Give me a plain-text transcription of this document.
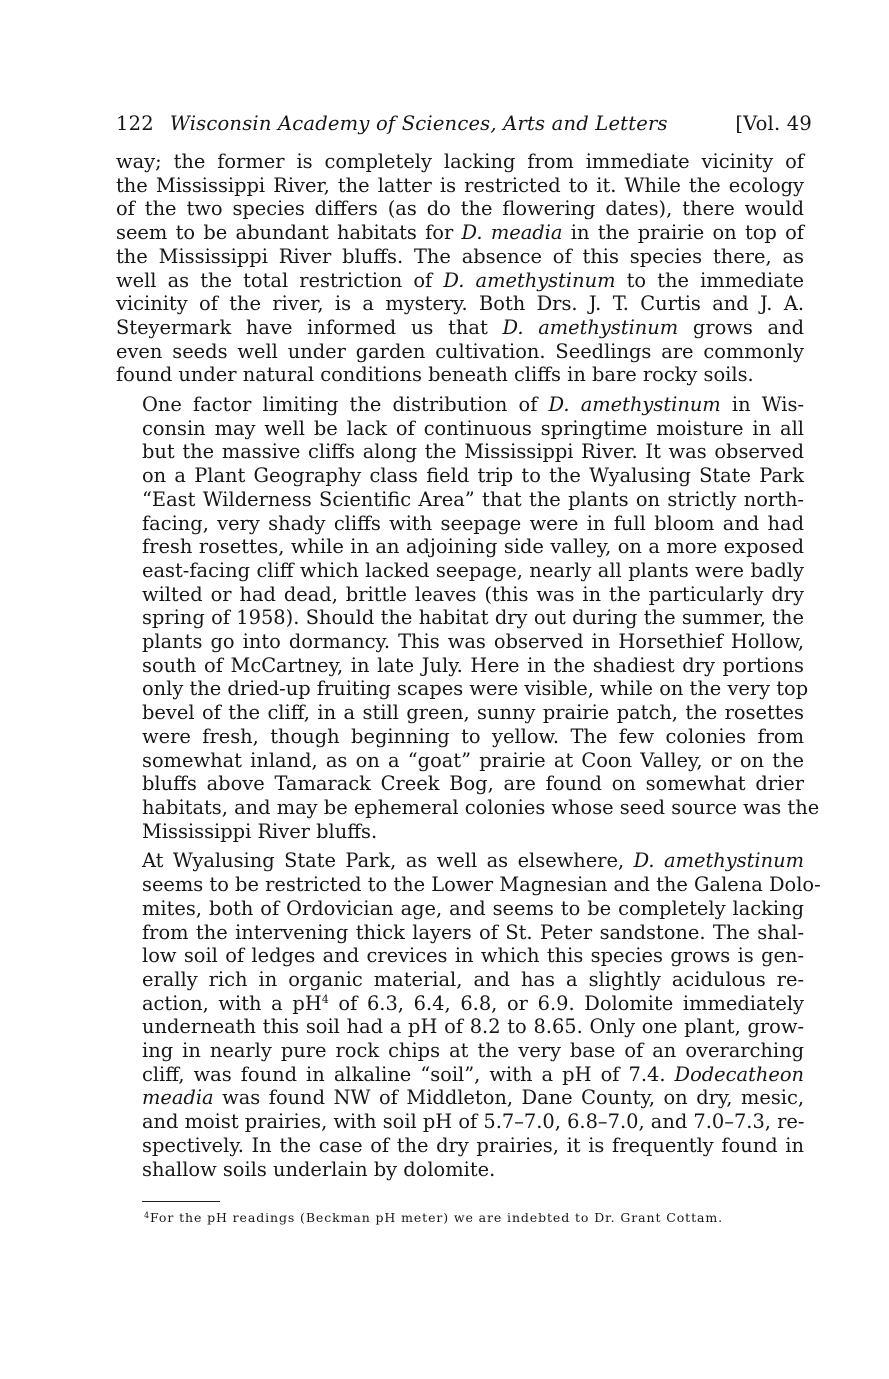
122 Wisconsin Academy of Sciences, Arts and Letters	[Vol. 49
way; the former is completely lacking from immediate vicinity of
the Mississippi River, the latter is restricted to it. While the ecology
of the two species differs (as do the flowering dates), there would
seem to be abundant habitats for D. meadia in the prairie on top of
the Mississippi River bluffs. The absence of this species there, as
well as the total restriction of D. amethystinum to the immediate
vicinity of the river, is a mystery. Both Drs. J. T. Curtis and J. A.
Steyermark have informed us that D. amethystinum grows and
even seeds well under garden cultivation. Seedlings are commonly
found under natural conditions beneath cliffs in bare rocky soils.
One factor limiting the distribution of D. amethystinum in Wis-
consin may well be lack of continuous springtime moisture in all
but the massive cliffs along the Mississippi River. It was observed
on a Plant Geography class field trip to the Wyalusing State Park
“East Wilderness Scientific Area” that the plants on strictly north-
facing, very shady cliffs with seepage were in full bloom and had
fresh rosettes, while in an adjoining side valley, on a more exposed
east-facing cliff which lacked seepage, nearly all plants were badly
wilted or had dead, brittle leaves (this was in the particularly dry
spring of 1958). Should the habitat dry out during the summer, the
plants go into dormancy. This was observed in Horsethief Hollow,
south of McCartney, in late July. Here in the shadiest dry portions
only the dried-up fruiting scapes were visible, while on the very top
bevel of the cliff, in a still green, sunny prairie patch, the rosettes
were fresh, though beginning to yellow. The few colonies from
somewhat inland, as on a “goat” prairie at Coon Valley, or on the
bluffs above Tamarack Creek Bog, are found on somewhat drier
habitats, and may be ephemeral colonies whose seed source was the
Mississippi River bluffs.
At Wyalusing State Park, as well as elsewhere, D. amethystinum
seems to be restricted to the Lower Magnesian and the Galena Dolo-
mites, both of Ordovician age, and seems to be completely lacking
from the intervening thick layers of St. Peter sandstone. The shal-
low soil of ledges and crevices in which this species grows is gen-
erally rich in organic material, and has a slightly acidulous re-
action, with a $pH^4$ of 6.3, 6.4, 6.8, or 6.9. Dolomite immediately
underneath this soil had a pH of 8.2 to 8.65. Only one plant, grow-
ing in nearly pure rock chips at the very base of an overarching
cliff, was found in alkaline “soil”, with a pH of 7.4. Dodecatheon
meadia was found NW of Middleton, Dane County, on dry, mesic,
and moist prairies, with soil pH of 5.7–7.0, 6.8–7.0, and 7.0–7.3, re-
spectively. In the case of the dry prairies, it is frequently found in
shallow soils underlain by dolomite.
$^4$For the pH readings (Beckman pH meter) we are indebted to Dr. Grant Cottam.
